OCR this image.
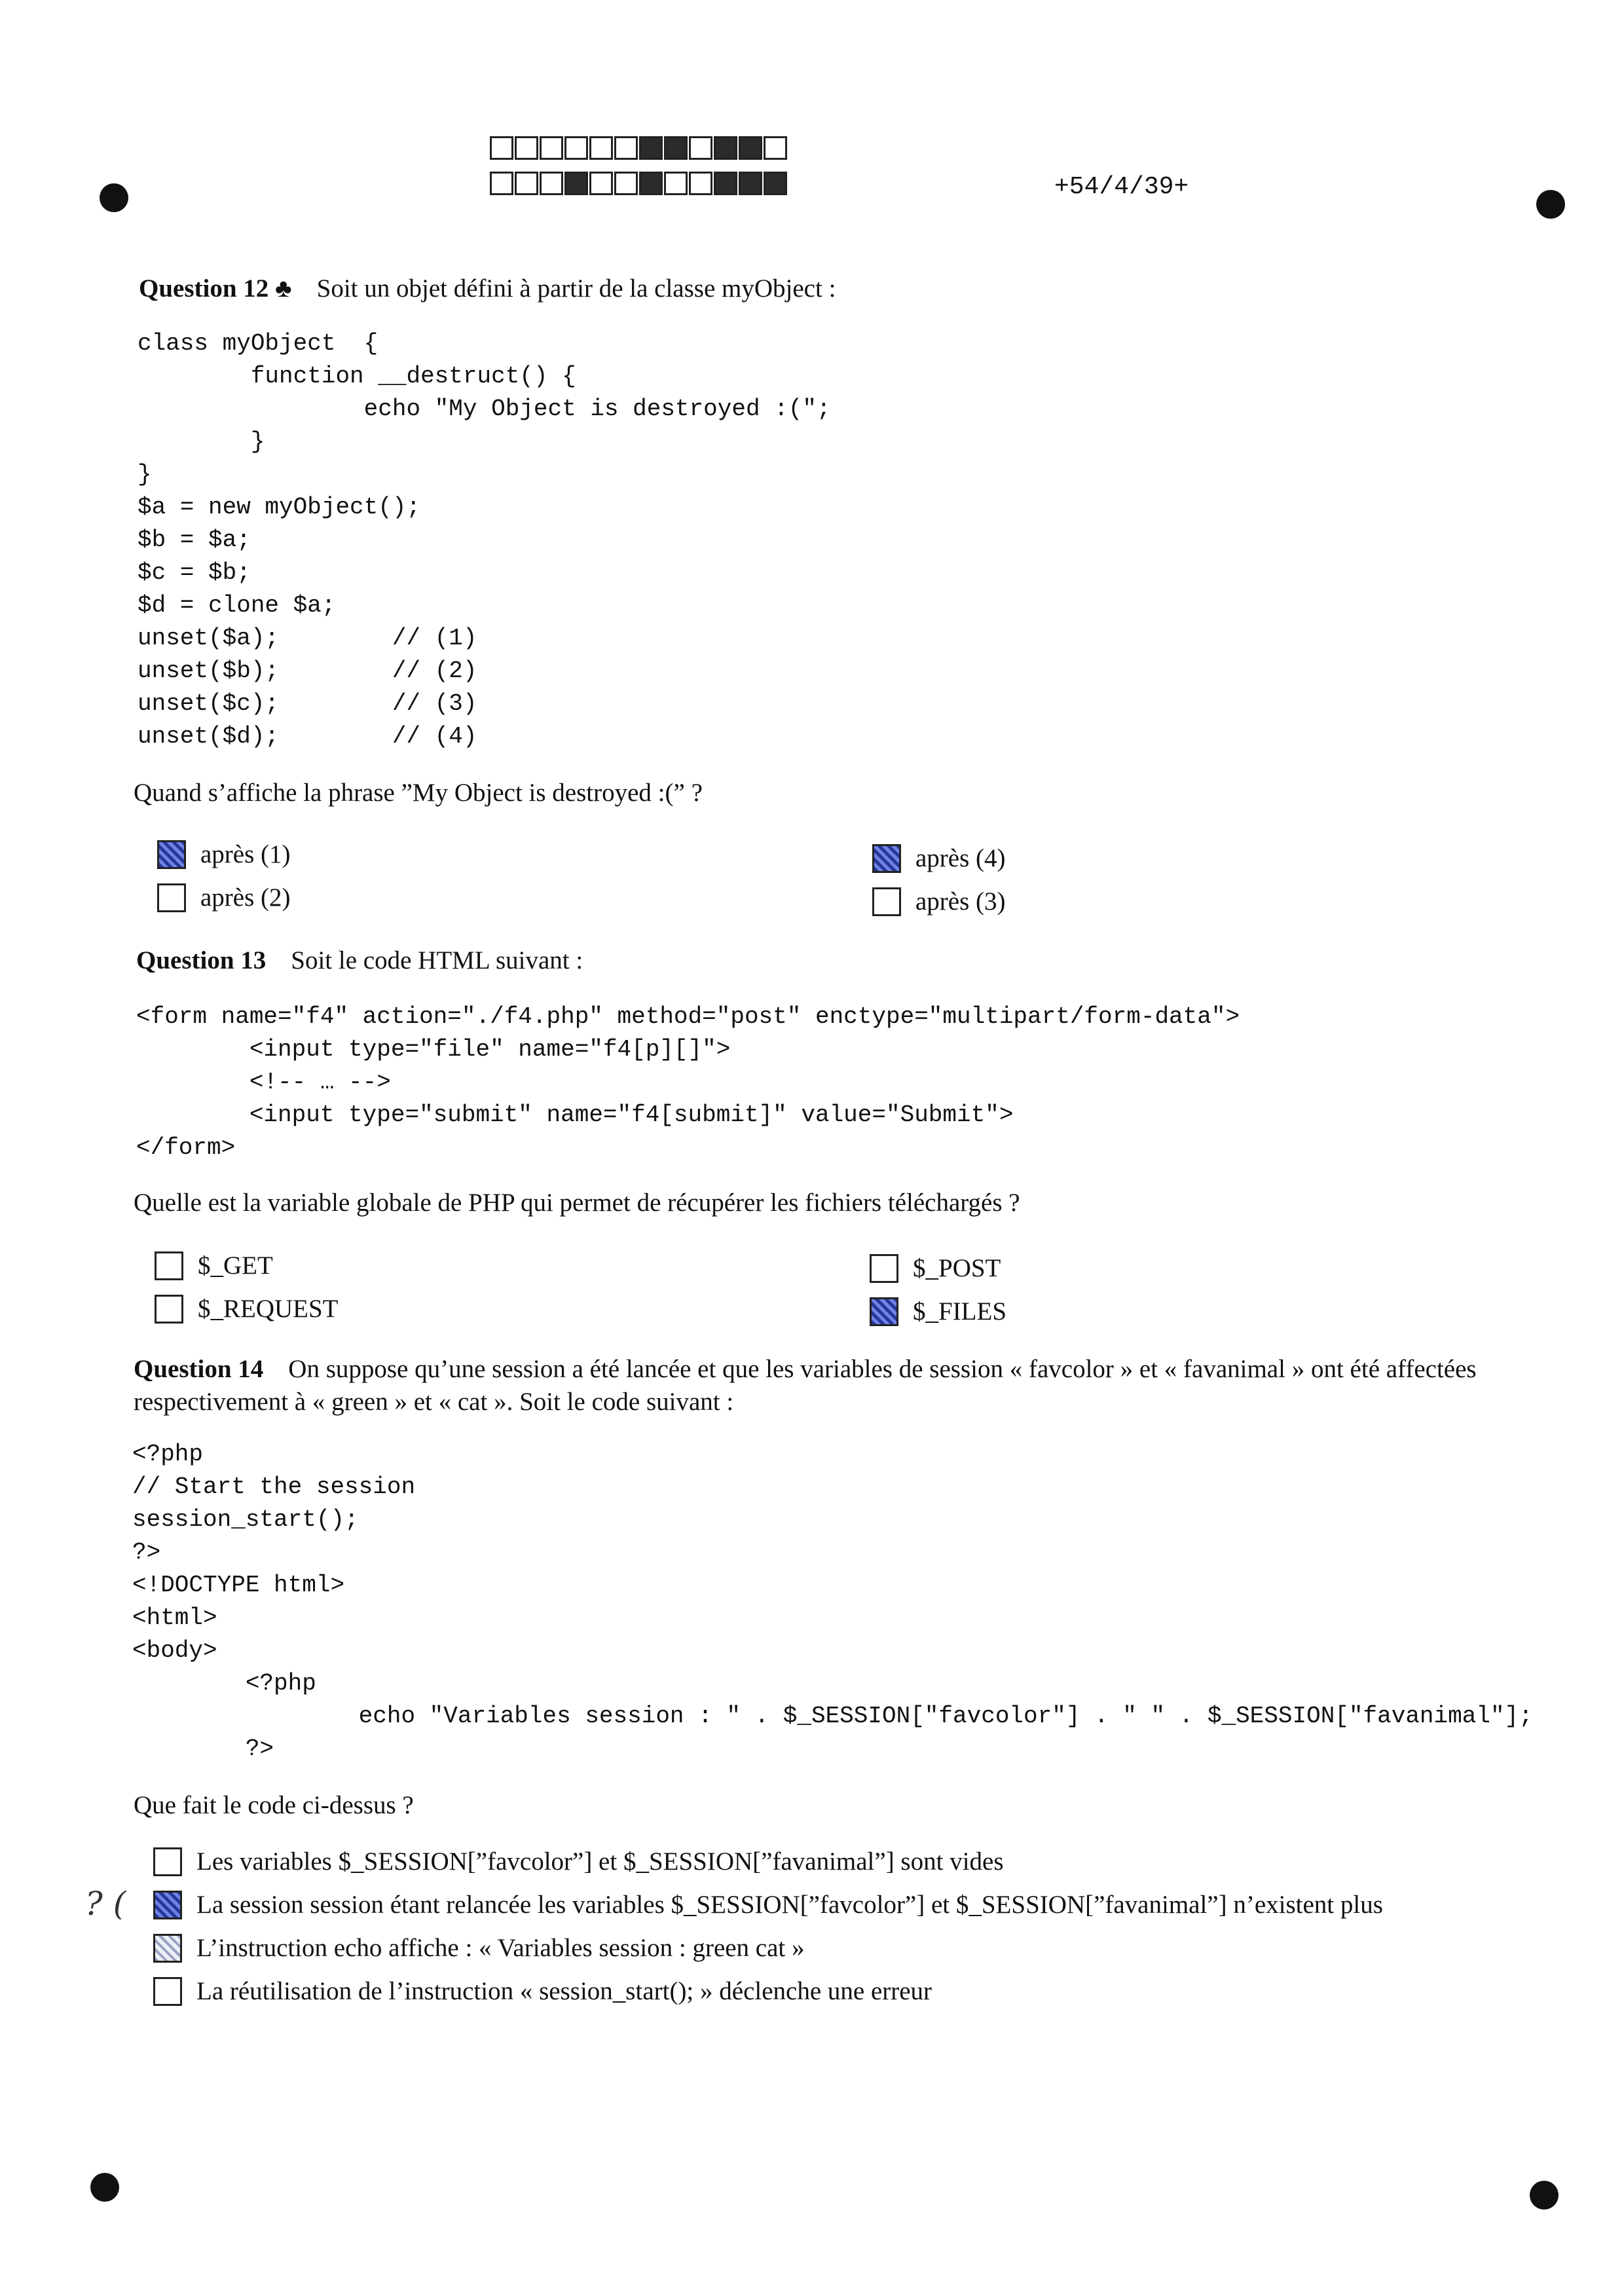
+54/4/39+
Question 12 ♣ Soit un objet défini à partir de la classe myObject :
class myObject  {
function __destruct() {
echo "My Object is destroyed :(";
}
}
$a = new myObject();
$b = $a;
$c = $b;
$d = clone $a;
unset($a);        // (1)
unset($b);        // (2)
unset($c);        // (3)
unset($d);        // (4)
Quand s’affiche la phrase ”My Object is destroyed :(” ?
après (1)
après (2)
après (4)
après (3)
Question 13 Soit le code HTML suivant :
<form name="f4" action="./f4.php" method="post" enctype="multipart/form-data">
<input type="file" name="f4[p][]">
<!-- … -->
<input type="submit" name="f4[submit]" value="Submit">
</form>
Quelle est la variable globale de PHP qui permet de récupérer les fichiers téléchargés ?
$_GET
$_REQUEST
$_POST
$_FILES
Question 14 On suppose qu’une session a été lancée et que les variables de session « favcolor » et « favanimal » ont été affectées respectivement à « green » et « cat ». Soit le code suivant :
<?php
// Start the session
session_start();
?>
<!DOCTYPE html>
<html>
<body>
<?php
echo "Variables session : " . $_SESSION["favcolor"] . " " . $_SESSION["favanimal"];
?>
Que fait le code ci-dessus ?
Les variables $_SESSION[”favcolor”] et $_SESSION[”favanimal”] sont vides
La session session étant relancée les variables $_SESSION[”favcolor”] et $_SESSION[”favanimal”] n’existent plus
L’instruction echo affiche : « Variables session : green cat »
La réutilisation de l’instruction « session_start(); » déclenche une erreur
? (
